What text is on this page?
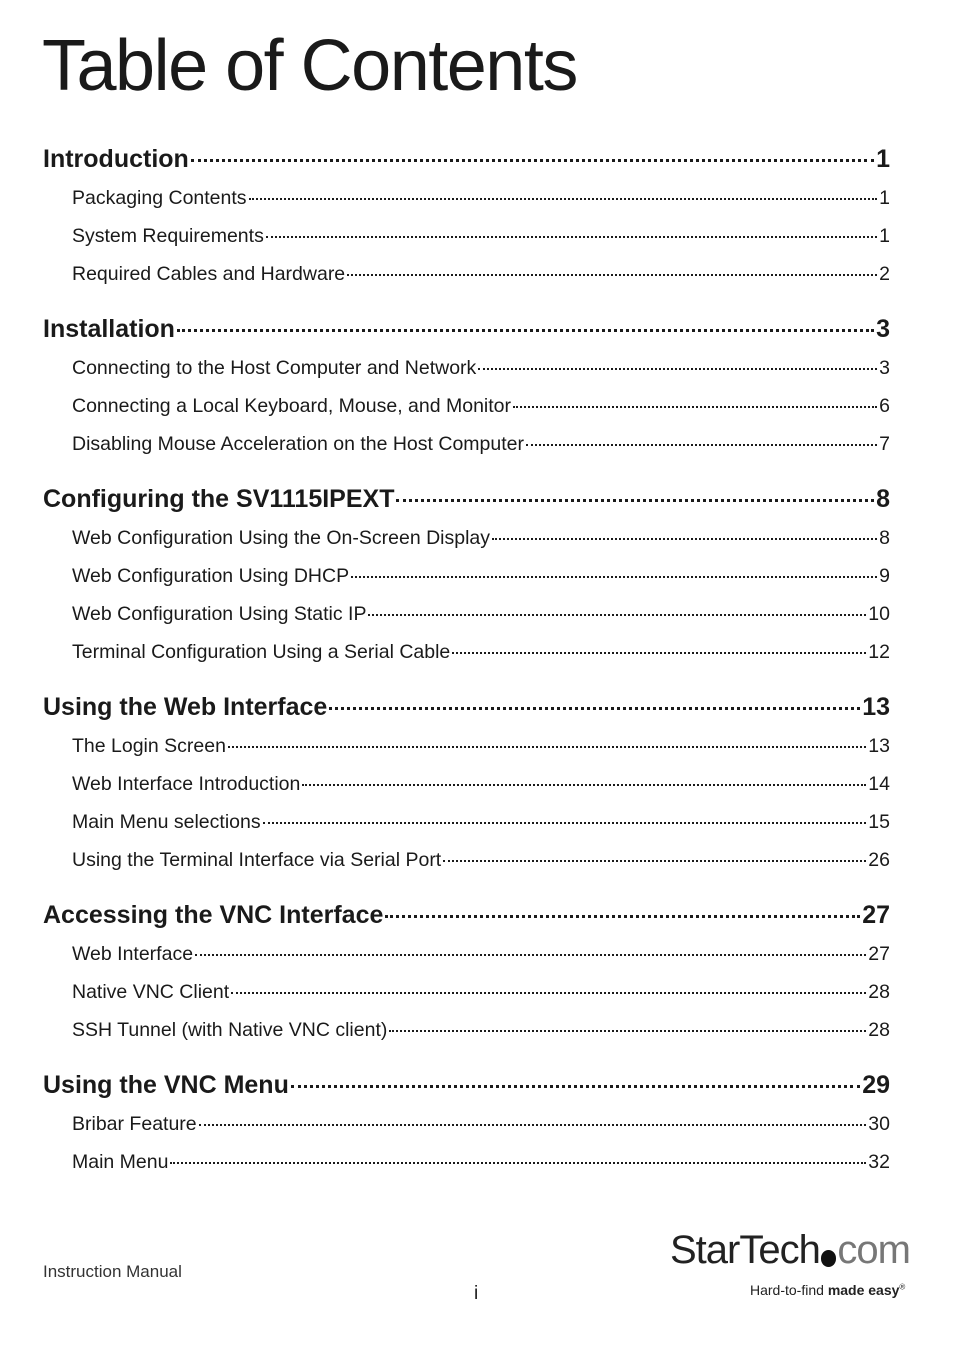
Table of Contents
Introduction	1
Packaging Contents	1
System Requirements	1
Required Cables and Hardware	2
Installation	3
Connecting to the Host Computer and Network	3
Connecting a Local Keyboard, Mouse, and Monitor	6
Disabling Mouse Acceleration on the Host Computer	7
Configuring the SV1115IPEXT	8
Web Configuration Using the On-Screen Display	8
Web Configuration Using DHCP	9
Web Configuration Using Static IP	10
Terminal Configuration Using a Serial Cable	12
Using the Web Interface	13
The Login Screen	13
Web Interface Introduction	14
Main Menu selections	15
Using the Terminal Interface via Serial Port	26
Accessing the VNC Interface	27
Web Interface	27
Native VNC Client	28
SSH Tunnel (with Native VNC client)	28
Using the VNC Menu	29
Bribar Feature	30
Main Menu	32
Instruction Manual
i
StarTech com
Hard-to-find made easy®
